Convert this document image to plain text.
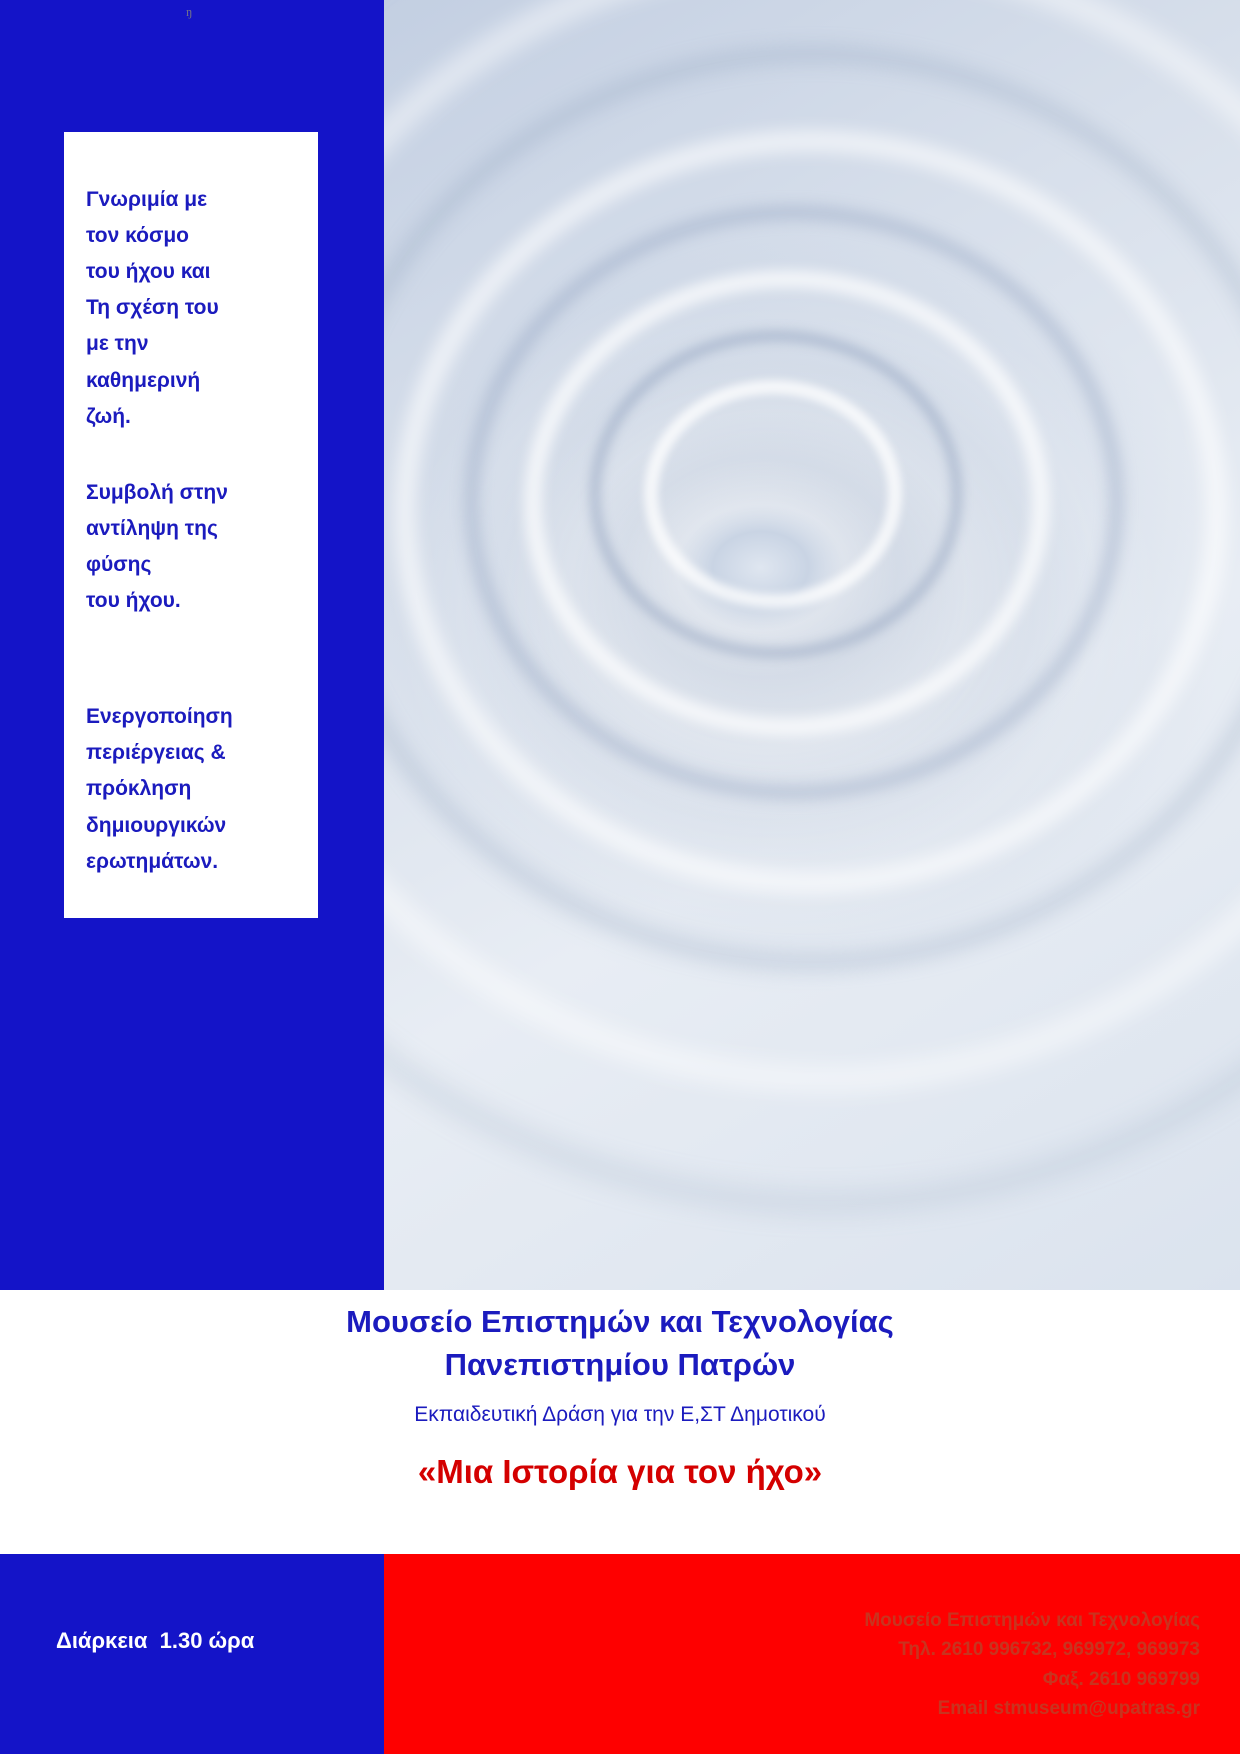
ŋ

Γνωριμία με
τον κόσμο
του ήχου και
Τη σχέση του
με την
καθημερινή
ζωή.

Συμβολή στην
αντίληψη της
φύσης
του ήχου.

Ενεργοποίηση
περιέργειας &
πρόκληση
δημιουργικών
ερωτημάτων.

Μουσείο Επιστημών και Τεχνολογίας
Πανεπιστημίου Πατρών

Εκπαιδευτική Δράση για την Ε,ΣΤ Δημοτικού

«Μια Ιστορία για τον ήχο»

Διάρκεια  1.30 ώρα
Μουσείο Επιστημών και Τεχνολογίας
Τηλ. 2610 996732, 969972, 969973
Φαξ. 2610 969799
Email stmuseum@upatras.gr
